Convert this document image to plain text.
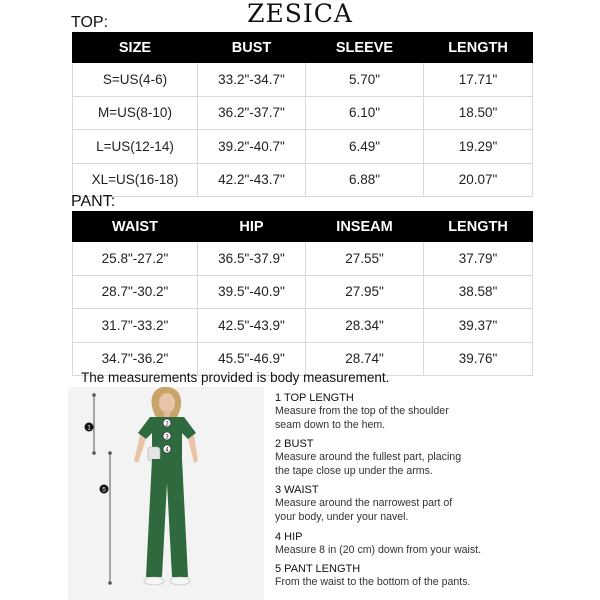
ZESICA
TOP:
SIZE	BUST	SLEEVE	LENGTH
S=US(4-6)	33.2"-34.7"	5.70"	17.71"
M=US(8-10)	36.2"-37.7"	6.10"	18.50"
L=US(12-14)	39.2"-40.7"	6.49"	19.29"
XL=US(16-18)	42.2"-43.7"	6.88"	20.07"
PANT:
WAIST	HIP	INSEAM	LENGTH
25.8"-27.2"	36.5"-37.9"	27.55"	37.79"
28.7"-30.2"	39.5"-40.9"	27.95"	38.58"
31.7"-33.2"	42.5"-43.9"	28.34"	39.37"
34.7"-36.2"	45.5"-46.9"	28.74"	39.76"
The measurements provided is body measurement.
1
2
3
4
5
1 TOP LENGTH
Measure from the top of the shoulder
seam down to the hem.
2 BUST
Measure around the fullest part, placing
the tape close up under the arms.
3 WAIST
Measure around the narrowest part of
your body, under your navel.
4 HIP
Measure 8 in (20 cm) down from your waist.
5 PANT LENGTH
From the waist to the bottom of the pants.
